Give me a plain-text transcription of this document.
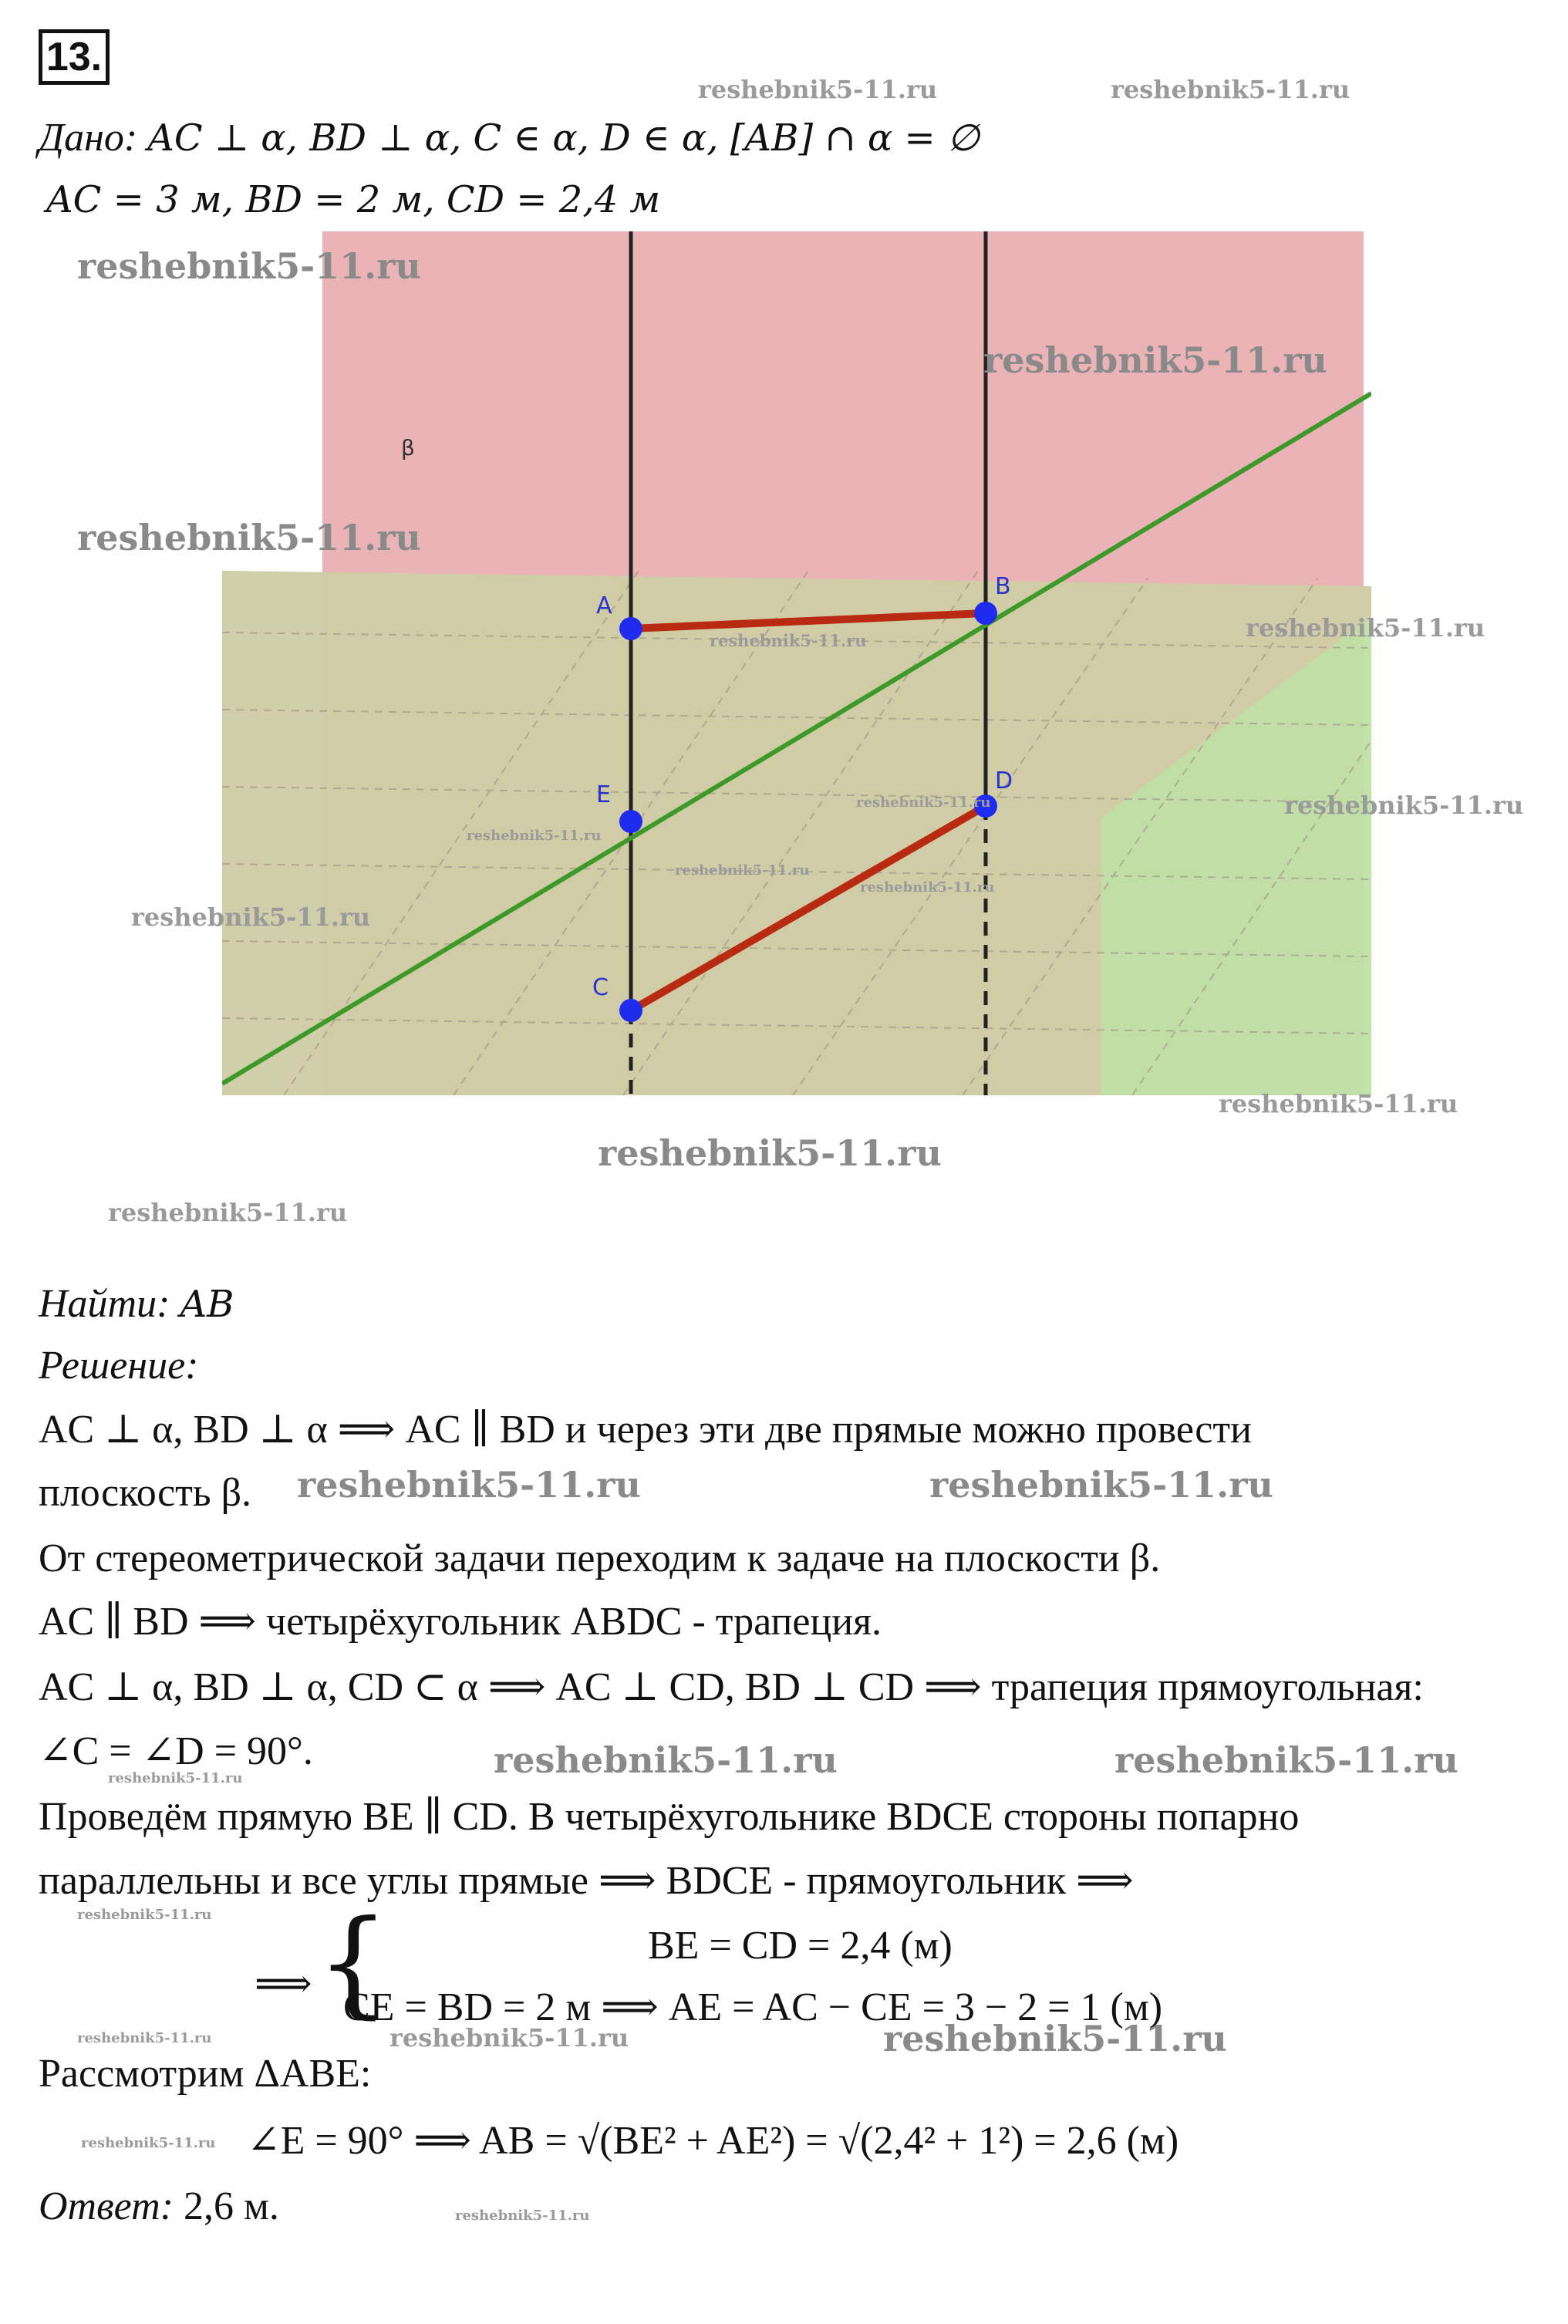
13.
Дано: AC ⊥ α, BD ⊥ α, C ∈ α, D ∈ α, [AB] ∩ α = ∅
AC = 3 м, BD = 2 м, CD = 2,4 м
β
A
B
E
D
C
Найти: AB
Решение:
AC ⊥ α, BD ⊥ α ⟹ AC ∥ BD и через эти две прямые можно провести
плоскость β.
От стереометрической задачи переходим к задаче на плоскости β.
AC ∥ BD ⟹ четырёхугольник ABDC - трапеция.
AC ⊥ α, BD ⊥ α, CD ⊂ α ⟹ AC ⊥ CD, BD ⊥ CD ⟹ трапеция прямоугольная:
∠C = ∠D = 90°.
Проведём прямую BE ∥ CD. В четырёхугольнике BDCE стороны попарно
параллельны и все углы прямые ⟹ BDCE - прямоугольник ⟹
⟹ {	BE = CD = 2,4 (м)
CE = BD = 2 м ⟹ AE = AC − CE = 3 − 2 = 1 (м)
Рассмотрим ΔABE:
∠E = 90° ⟹ AB = √(BE² + AE²) = √(2,4² + 1²) = 2,6 (м)
Ответ: 2,6 м.
reshebnik5-11.ru	reshebnik5-11.ru
reshebnik5-11.ru
reshebnik5-11.ru
reshebnik5-11.ru
reshebnik5-11.ru	reshebnik5-11.ru
reshebnik5-11.ru
reshebnik5-11.ru
reshebnik5-11.ru
reshebnik5-11.ru
reshebnik5-11.ru
reshebnik5-11.ru
reshebnik5-11.ru
reshebnik5-11.ru
reshebnik5-11.ru
reshebnik5-11.ru	reshebnik5-11.ru
reshebnik5-11.ru	reshebnik5-11.ru
reshebnik5-11.ru
reshebnik5-11.ru
reshebnik5-11.ru	reshebnik5-11.ru	reshebnik5-11.ru
reshebnik5-11.ru
reshebnik5-11.ru
